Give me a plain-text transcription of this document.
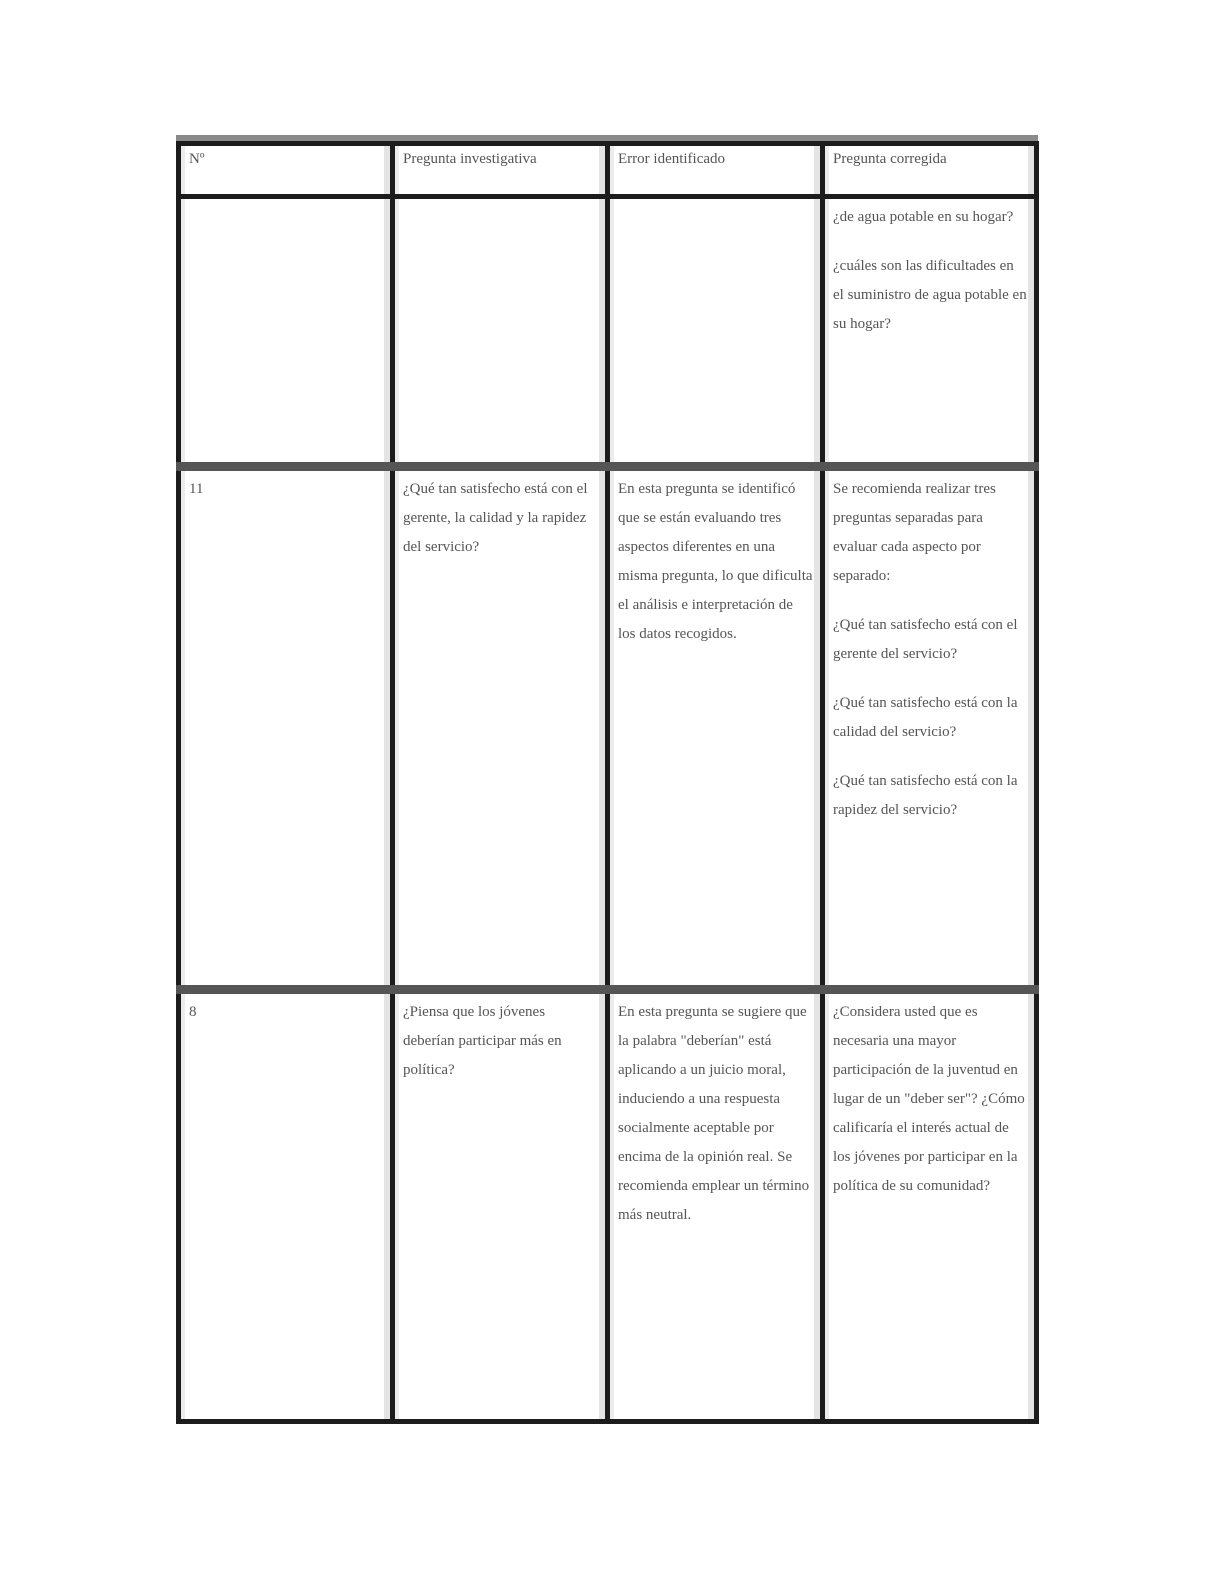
Nº	Pregunta investigativa	Error identificado	Pregunta corregida

			¿de agua potable en su hogar?

¿cuáles son las dificultades en el suministro de agua potable en su hogar?

11	¿Qué tan satisfecho está con el gerente, la calidad y la rapidez del servicio?	En esta pregunta se identificó que se están evaluando tres aspectos diferentes en una misma pregunta, lo que dificulta el análisis e interpretación de los datos recogidos.	Se recomienda realizar tres preguntas separadas para evaluar cada aspecto por separado:

¿Qué tan satisfecho está con el gerente del servicio?

¿Qué tan satisfecho está con la calidad del servicio?

¿Qué tan satisfecho está con la rapidez del servicio?

8	¿Piensa que los jóvenes deberían participar más en política?	En esta pregunta se sugiere que la palabra "deberían" está aplicando a un juicio moral, induciendo a una respuesta socialmente aceptable por encima de la opinión real. Se recomienda emplear un término más neutral.	¿Considera usted que es necesaria una mayor participación de la juventud en lugar de un "deber ser"? ¿Cómo calificaría el interés actual de los jóvenes por participar en la política de su comunidad?
